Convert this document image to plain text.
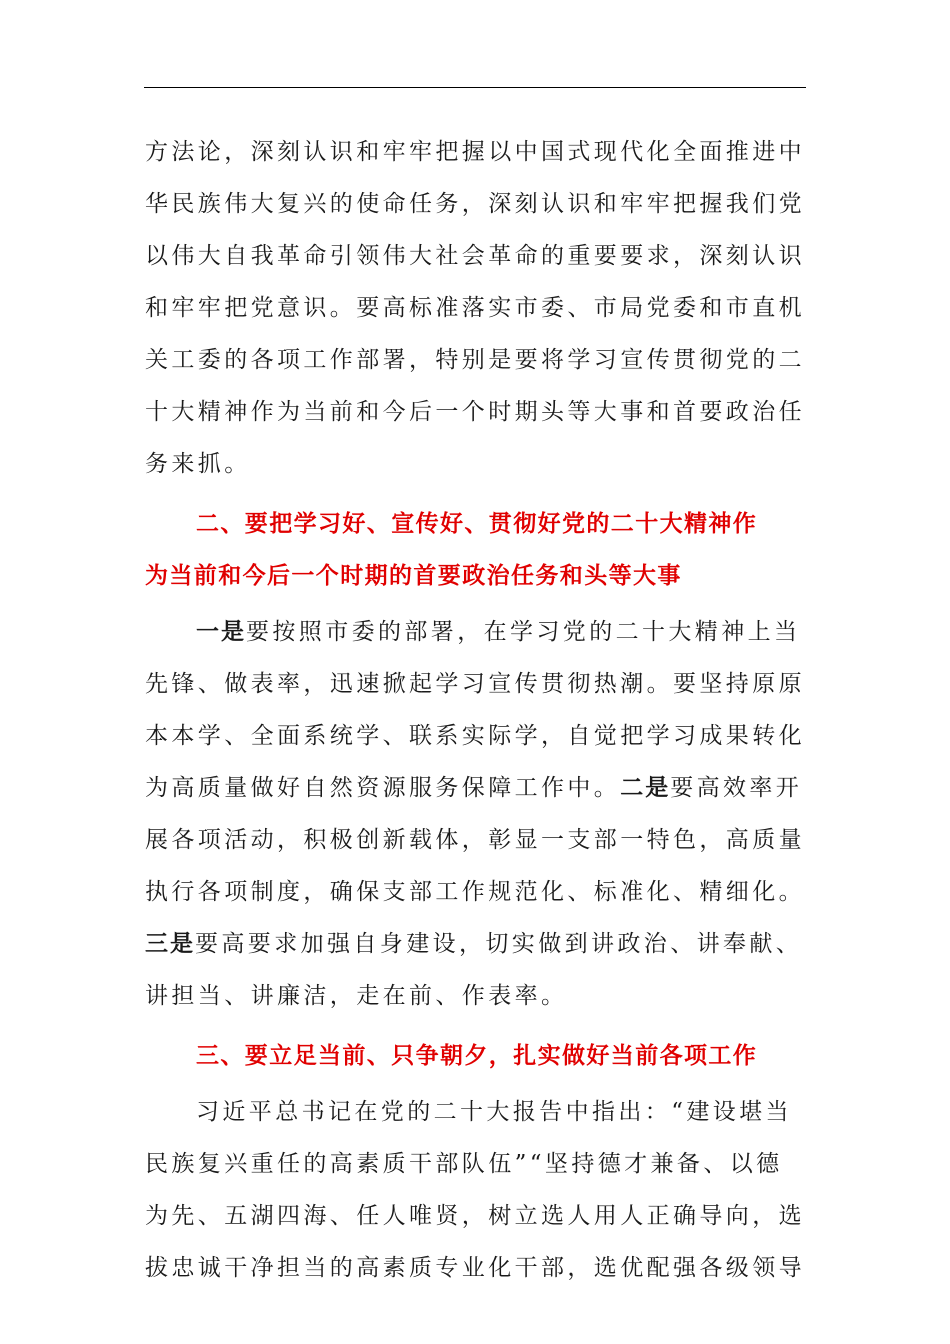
方法论，深刻认识和牢牢把握以中国式现代化全面推进中

华民族伟大复兴的使命任务，深刻认识和牢牢把握我们党

以伟大自我革命引领伟大社会革命的重要要求，深刻认识

和牢牢把党意识。要高标准落实市委、市局党委和市直机

关工委的各项工作部署，特别是要将学习宣传贯彻党的二

十大精神作为当前和今后一个时期头等大事和首要政治任

务来抓。

二、要把学习好、宣传好、贯彻好党的二十大精神作

为当前和今后一个时期的首要政治任务和头等大事

一是要按照市委的部署，在学习党的二十大精神上当

先锋、做表率，迅速掀起学习宣传贯彻热潮。要坚持原原

本本学、全面系统学、联系实际学，自觉把学习成果转化

为高质量做好自然资源服务保障工作中。二是要高效率开

展各项活动，积极创新载体，彰显一支部一特色，高质量

执行各项制度，确保支部工作规范化、标准化、精细化。

三是要高要求加强自身建设，切实做到讲政治、讲奉献、

讲担当、讲廉洁，走在前、作表率。

三、要立足当前、只争朝夕，扎实做好当前各项工作

习近平总书记在党的二十大报告中指出：“建设堪当

民族复兴重任的高素质干部队伍”“坚持德才兼备、以德

为先、五湖四海、任人唯贤，树立选人用人正确导向，选

拔忠诚干净担当的高素质专业化干部，选优配强各级领导
